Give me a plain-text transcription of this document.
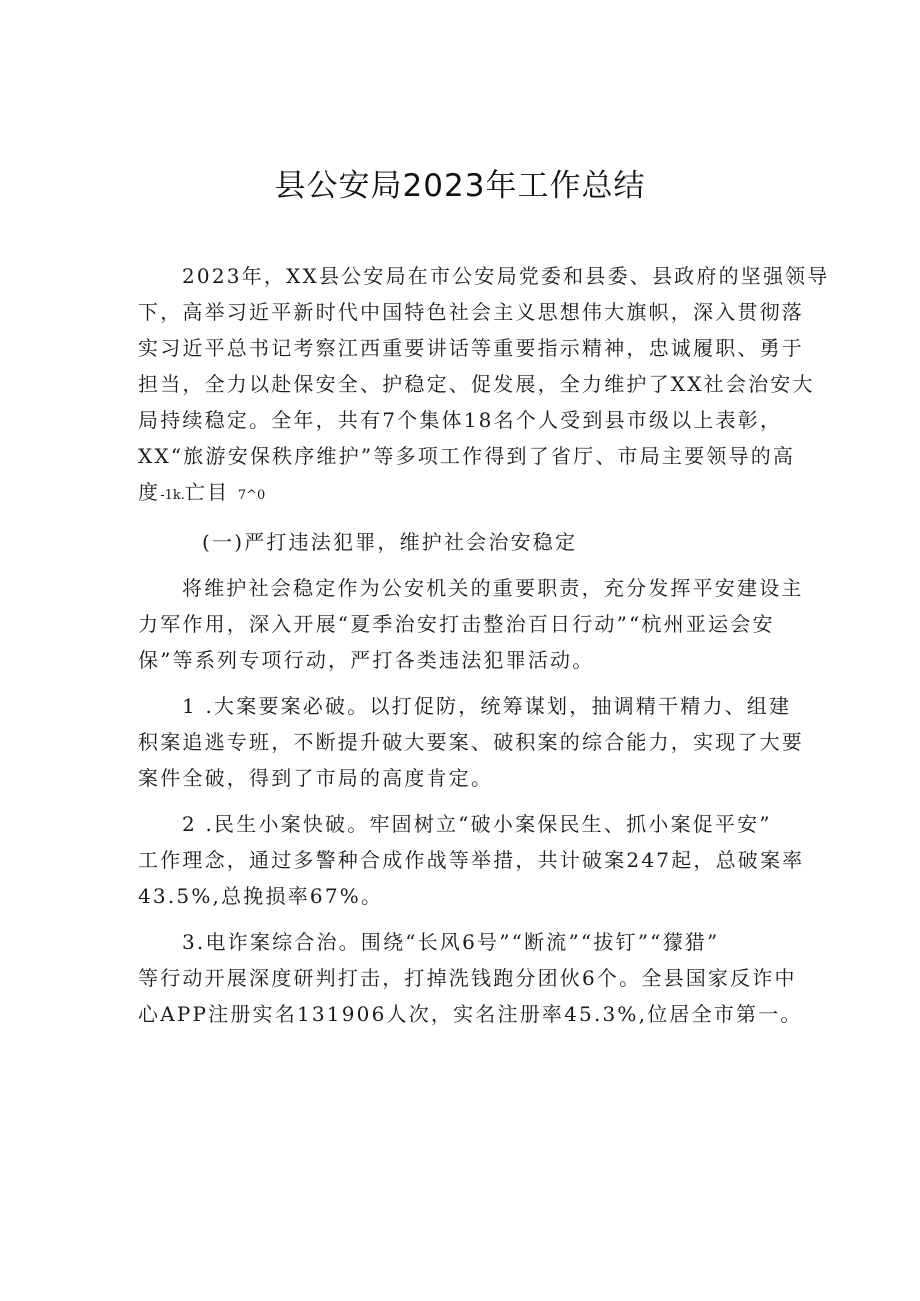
县公安局2023年工作总结
2023年，XX县公安局在市公安局党委和县委、县政府的坚强领导
下，高举习近平新时代中国特色社会主义思想伟大旗帜，深入贯彻落
实习近平总书记考察江西重要讲话等重要指示精神，忠诚履职、勇于
担当，全力以赴保安全、护稳定、促发展，全力维护了XX社会治安大
局持续稳定。全年，共有7个集体18名个人受到县市级以上表彰，
XX“旅游安保秩序维护”等多项工作得到了省厅、市局主要领导的高
度-1k.亡目 7^0

(一)严打违法犯罪，维护社会治安稳定

将维护社会稳定作为公安机关的重要职责，充分发挥平安建设主
力军作用，深入开展“夏季治安打击整治百日行动”“杭州亚运会安
保”等系列专项行动，严打各类违法犯罪活动。
1 .大案要案必破。以打促防，统筹谋划，抽调精干精力、组建
积案追逃专班，不断提升破大要案、破积案的综合能力，实现了大要
案件全破，得到了市局的高度肯定。
2 .民生小案快破。牢固树立“破小案保民生、抓小案促平安”
工作理念，通过多警种合成作战等举措，共计破案247起，总破案率
43.5%,总挽损率67%。
3.电诈案综合治。围绕“长风6号”“断流”“拔钉”“獴猎”
等行动开展深度研判打击，打掉洗钱跑分团伙6个。全县国家反诈中
心APP注册实名131906人次，实名注册率45.3%,位居全市第一。
